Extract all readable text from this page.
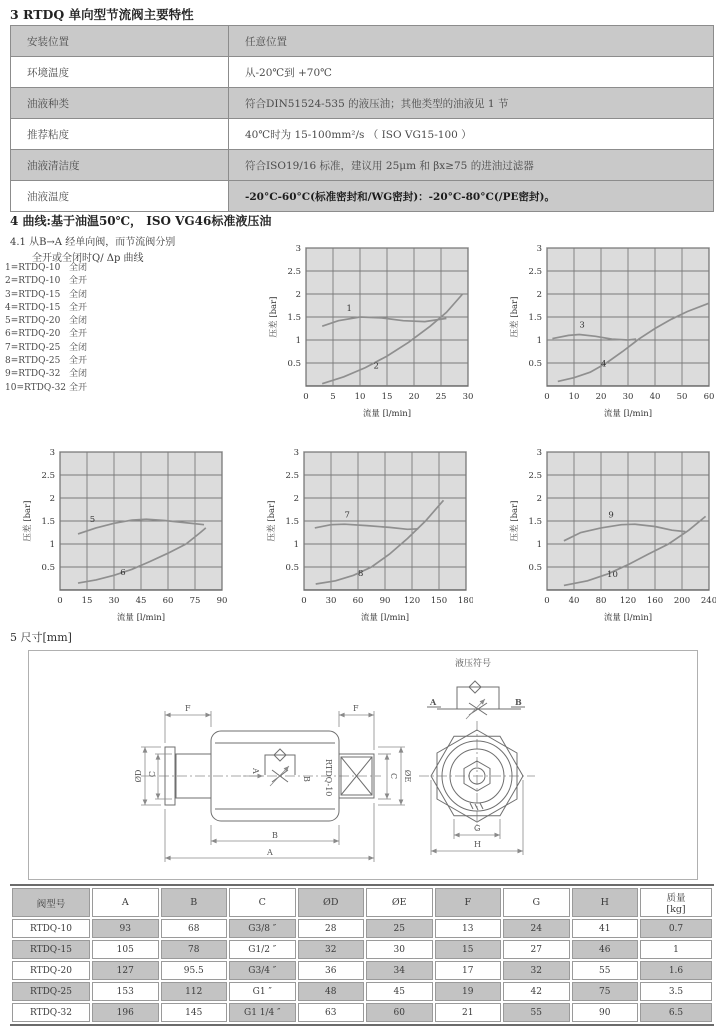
3 RTDQ 单向型节流阀主要特性
安装位置	任意位置
环境温度	从-20℃到 +70℃
油液种类	符合DIN51524-535 的液压油；其他类型的油液见 1 节
推荐粘度	40℃时为 15-100mm²/s （ ISO VG15-100 ）
油液清洁度	符合ISO19/16 标准，建议用 25μm 和 βx≥75 的进油过滤器
油液温度	-20°C-60°C(标准密封和/WG密封)：-20°C-80°C(/PE密封)。
4 曲线:基于油温50℃， ISO VG46标准液压油
4.1 从B→A 经单向阀，而节流阀分别
全开或全闭时Q/ Δp 曲线
1=RTDQ-10 全闭
2=RTDQ-10 全开
3=RTDQ-15 全闭
4=RTDQ-15 全开
5=RTDQ-20 全闭
6=RTDQ-20 全开
7=RTDQ-25 全闭
8=RTDQ-25 全开
9=RTDQ-32 全闭
10=RTDQ-32 全开
0	5 10 15 20 25 30
0.5
1
1.5
2
2.5
3
1
2
流量 [l/min]
压差 [bar]
0 10 20 30 40 50 60
0.5
1
1.5
2
2.5
3
3
4
流量 [l/min]
压差 [bar]
0 15 30 45 60 75 90
0.5
1
1.5
2
2.5
3
5
6
流量 [l/min]
压差 [bar]
0 30 60 90 120 150 180
0.5
1
1.5
2
2.5
3
7
8
流量 [l/min]
压差 [bar]
0 40 80 120 160 200 240
0.5
1
1.5
2
2.5
3
9
10
流量 [l/min]
压差 [bar]
5 尺寸[mm]
液压符号
A	B
A
B RTDQ-10
F	F
ØD C	C ØE
B
A
G
H
阀型号	A	B	C	ØD	ØE	F	G	H	质量
[kg]
RTDQ-10	93	68	G3/8 ″	28	25	13	24	41	0.7
RTDQ-15	105	78	G1/2 ″	32	30	15	27	46	1
RTDQ-20	127	95.5	G3/4 ″	36	34	17	32	55	1.6
RTDQ-25	153	112	G1 ″	48	45	19	42	75	3.5
RTDQ-32	196	145	G1 1/4 ″	63	60	21	55	90	6.5
